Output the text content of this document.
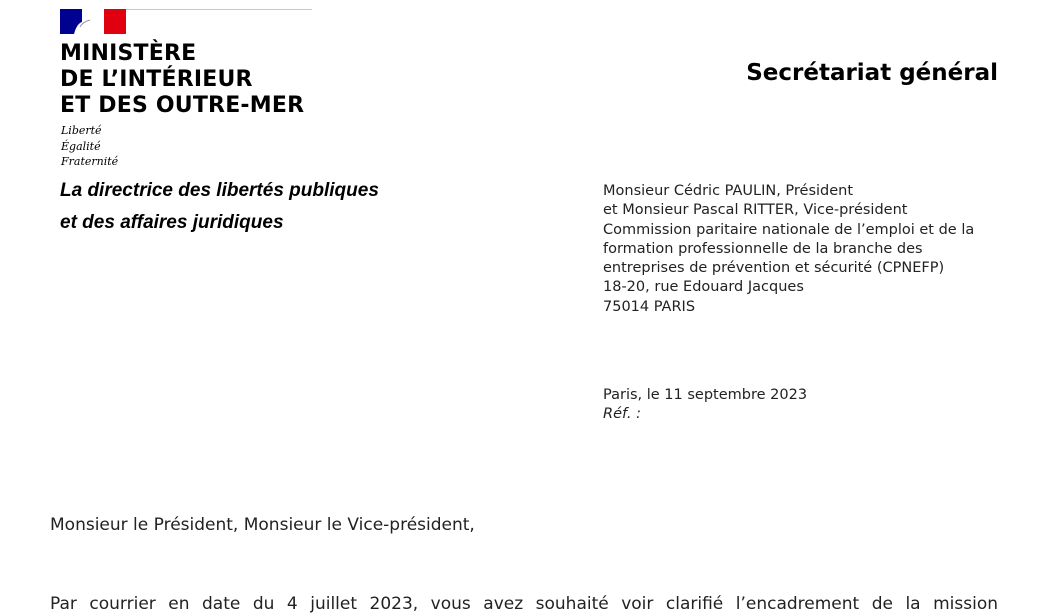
MINISTÈRE
DE L’INTÉRIEUR
ET DES OUTRE-MER
Liberté
Égalité
Fraternité
La directrice des libertés publiques
et des affaires juridiques
Secrétariat général
Monsieur Cédric PAULIN, Président
et Monsieur Pascal RITTER, Vice-président
Commission paritaire nationale de l’emploi et de la
formation professionnelle de la branche des
entreprises de prévention et sécurité (CPNEFP)
18-20, rue Edouard Jacques
75014 PARIS
Paris, le 11 septembre 2023
Réf. :

Monsieur le Président, Monsieur le Vice-président,

Par courrier en date du 4 juillet 2023, vous avez souhaité voir clarifié l’encadrement de la mission
